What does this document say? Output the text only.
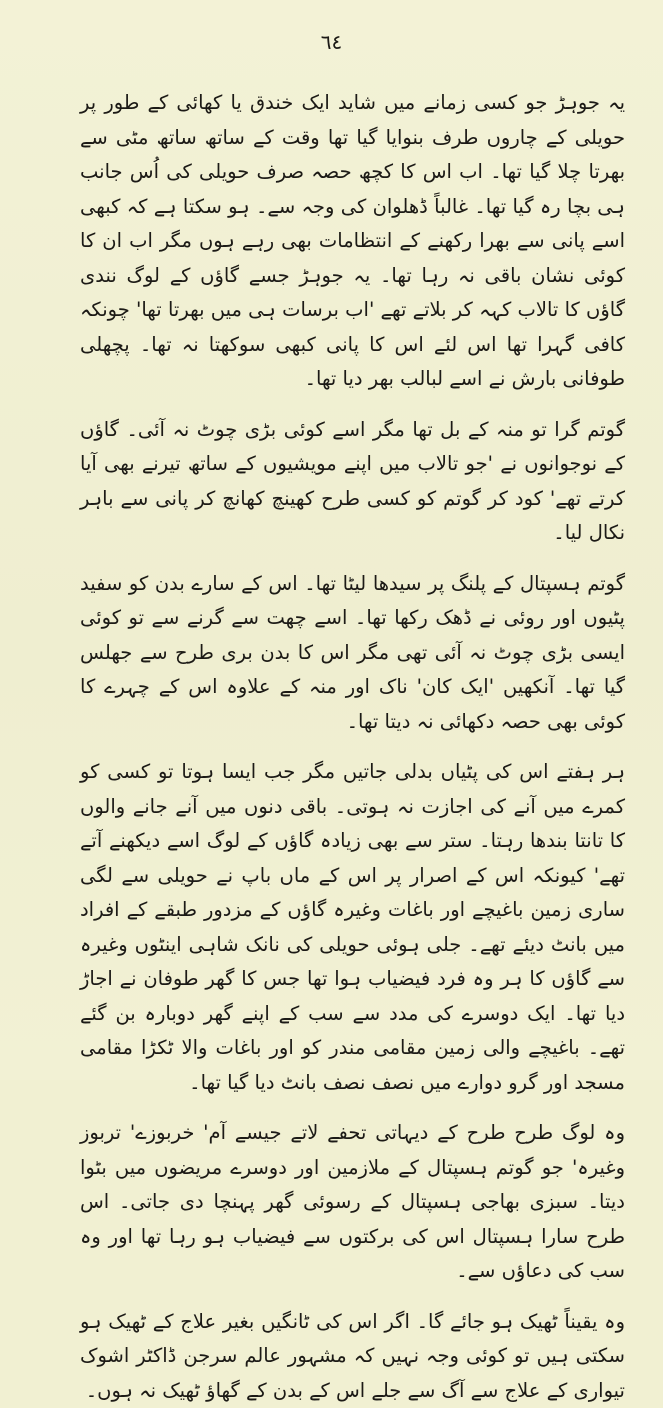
٦٤

یہ جوہڑ جو کسی زمانے میں شاید ایک خندق یا کھائی کے طور پر حویلی کے چاروں طرف بنوایا گیا تھا وقت کے ساتھ ساتھ مٹی سے بھرتا چلا گیا تھا۔ اب اس کا کچھ حصہ صرف حویلی کی اُس جانب ہی بچا رہ گیا تھا۔ غالباً ڈھلوان کی وجہ سے۔ ہو سکتا ہے کہ کبھی اسے پانی سے بھرا رکھنے کے انتظامات بھی رہے ہوں مگر اب ان کا کوئی نشان باقی نہ رہا تھا۔ یہ جوہڑ جسے گاؤں کے لوگ نندی گاؤں کا تالاب کہہ کر بلاتے تھے 'اب برسات ہی میں بھرتا تھا' چونکہ کافی گہرا تھا اس لئے اس کا پانی کبھی سوکھتا نہ تھا۔ پچھلی طوفانی بارش نے اسے لبالب بھر دیا تھا۔

گوتم گرا تو منہ کے بل تھا مگر اسے کوئی بڑی چوٹ نہ آئی۔ گاؤں کے نوجوانوں نے 'جو تالاب میں اپنے مویشیوں کے ساتھ تیرنے بھی آیا کرتے تھے' کود کر گوتم کو کسی طرح کھینچ کھانچ کر پانی سے باہر نکال لیا۔

گوتم ہسپتال کے پلنگ پر سیدھا لیٹا تھا۔ اس کے سارے بدن کو سفید پٹیوں اور روئی نے ڈھک رکھا تھا۔ اسے چھت سے گرنے سے تو کوئی ایسی بڑی چوٹ نہ آئی تھی مگر اس کا بدن بری طرح سے جھلس گیا تھا۔ آنکھیں 'ایک کان' ناک اور منہ کے علاوہ اس کے چہرے کا کوئی بھی حصہ دکھائی نہ دیتا تھا۔

ہر ہفتے اس کی پٹیاں بدلی جاتیں مگر جب ایسا ہوتا تو کسی کو کمرے میں آنے کی اجازت نہ ہوتی۔ باقی دنوں میں آنے جانے والوں کا تانتا بندھا رہتا۔ ستر سے بھی زیادہ گاؤں کے لوگ اسے دیکھنے آتے تھے' کیونکہ اس کے اصرار پر اس کے ماں باپ نے حویلی سے لگی ساری زمین باغیچے اور باغات وغیرہ گاؤں کے مزدور طبقے کے افراد میں بانٹ دیئے تھے۔ جلی ہوئی حویلی کی نانک شاہی اینٹوں وغیرہ سے گاؤں کا ہر وہ فرد فیضیاب ہوا تھا جس کا گھر طوفان نے اجاڑ دیا تھا۔ ایک دوسرے کی مدد سے سب کے اپنے گھر دوبارہ بن گئے تھے۔ باغیچے والی زمین مقامی مندر کو اور باغات والا ٹکڑا مقامی مسجد اور گرو دوارے میں نصف نصف بانٹ دیا گیا تھا۔

وہ لوگ طرح طرح کے دیہاتی تحفے لاتے جیسے آم' خربوزے' تربوز وغیرہ' جو گوتم ہسپتال کے ملازمین اور دوسرے مریضوں میں بٹوا دیتا۔ سبزی بھاجی ہسپتال کے رسوئی گھر پہنچا دی جاتی۔ اس طرح سارا ہسپتال اس کی برکتوں سے فیضیاب ہو رہا تھا اور وہ سب کی دعاؤں سے۔

وہ یقیناً ٹھیک ہو جائے گا۔ اگر اس کی ٹانگیں بغیر علاج کے ٹھیک ہو سکتی ہیں تو کوئی وجہ نہیں کہ مشہور عالم سرجن ڈاکٹر اشوک تیواری کے علاج سے آگ سے جلے اس کے بدن کے گھاؤ ٹھیک نہ ہوں۔
